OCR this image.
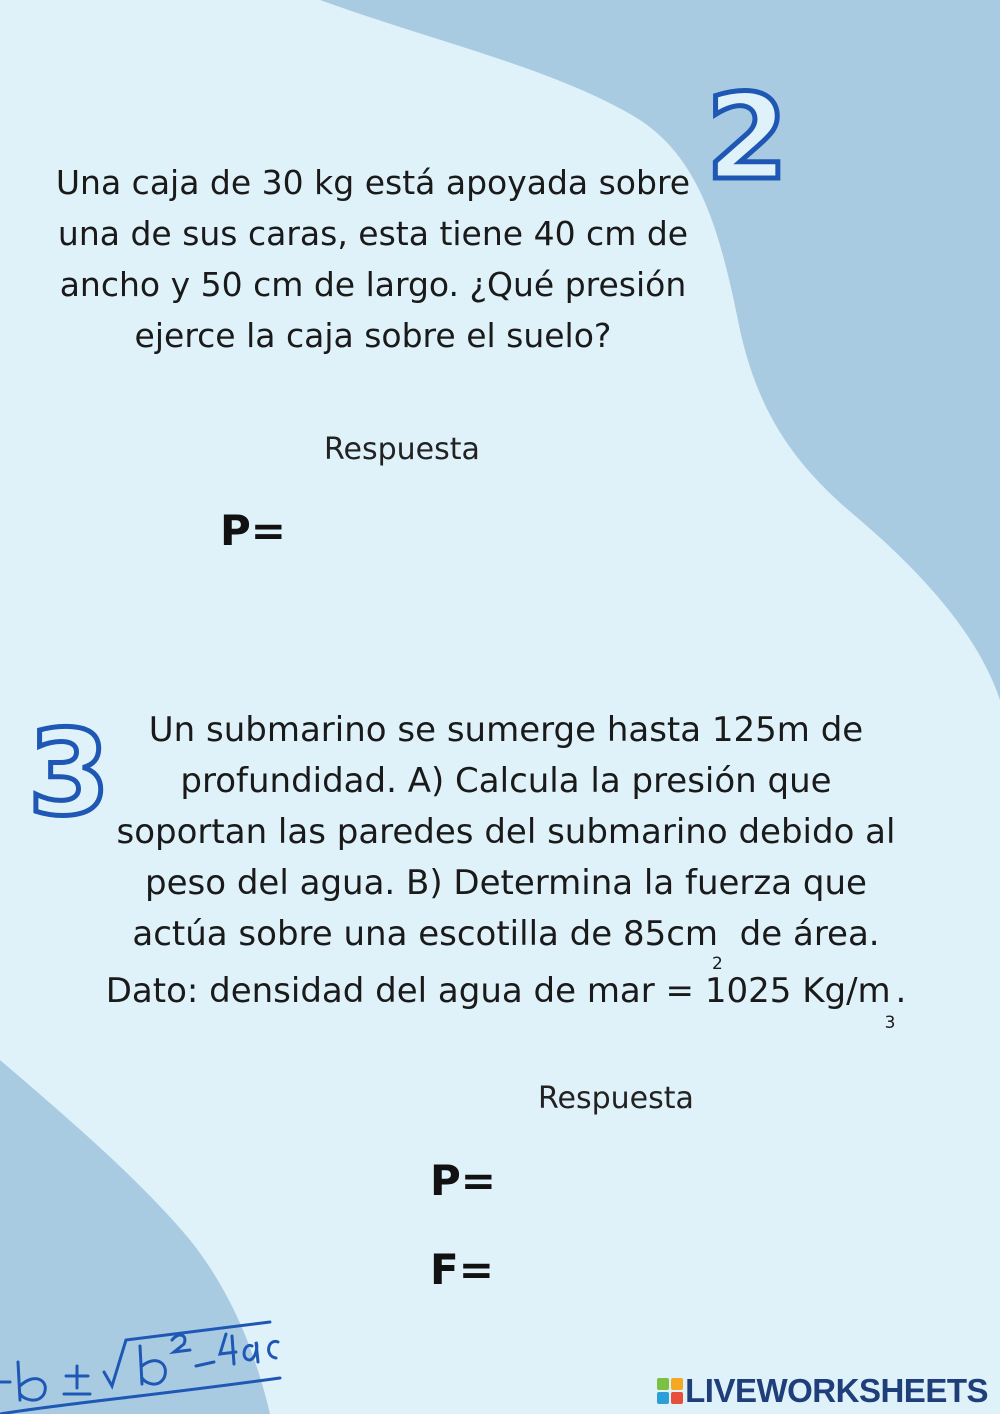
2
3
Una caja de 30 kg está apoyada sobre una de sus caras, esta tiene 40 cm de ancho y 50 cm de largo. ¿Qué presión ejerce la caja sobre el suelo?
Respuesta
P=
Un submarino se sumerge hasta 125m de profundidad. A) Calcula la presión que soportan las paredes del submarino debido al peso del agua. B) Determina la fuerza que actúa sobre una escotilla de $85cm_2$ de área. Dato: densidad del agua de mar = 1025 $Kg/m_3$.
Respuesta
P=
F=
LIVEWORKSHEETS
